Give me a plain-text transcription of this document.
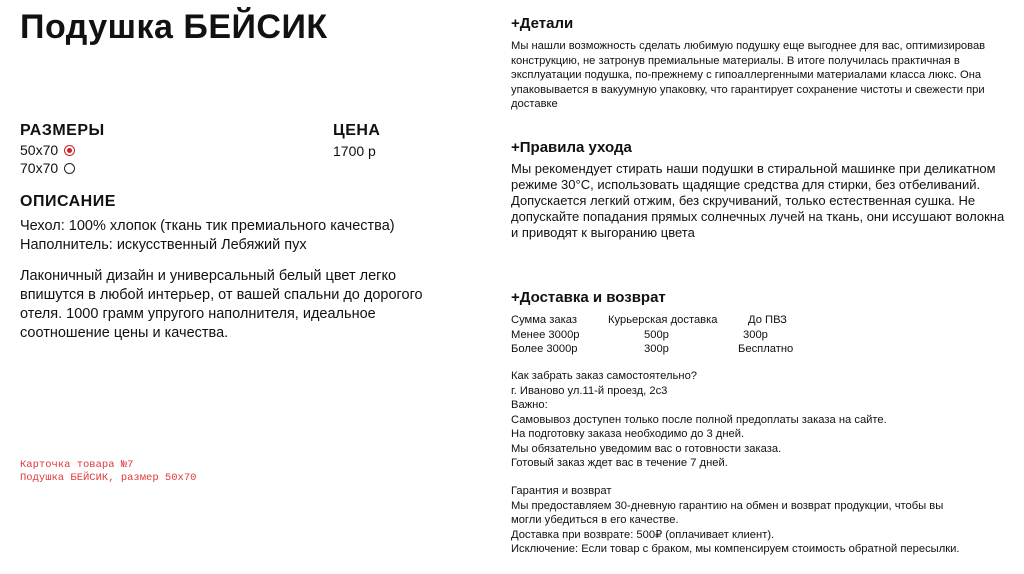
Подушка БЕЙСИК
РАЗМЕРЫ
50х70
70х70
ЦЕНА
1700 р
ОПИСАНИЕ
Чехол: 100% хлопок (ткань тик премиального качества)
Наполнитель: искусственный Лебяжий пух
Лаконичный дизайн и универсальный белый цвет легко впишутся в любой интерьер, от вашей спальни до дорогого отеля. 1000 грамм упругого наполнителя, идеальное соотношение цены и качества.
Карточка товара №7
Подушка БЕЙСИК, размер 50х70
+Детали
Мы нашли возможность сделать любимую подушку еще выгоднее для вас, оптимизировав конструкцию, не затронув премиальные материалы. В итоге получилась практичная в эксплуатации подушка, по-прежнему с гипоаллергенными материалами класса люкс. Она упаковывается в вакуумную упаковку, что гарантирует сохранение чистоты и свежести при доставке
+Правила ухода
Мы рекомендует стирать наши подушки в стиральной машинке при деликатном режиме 30°С, использовать щадящие средства для стирки, без отбеливаний. Допускается легкий отжим, без скручиваний, только естественная сушка. Не допускайте попадания прямых солнечных лучей на ткань, они иссушают волокна и приводят к выгоранию цвета
+Доставка и возврат
Сумма заказ	Курьерская доставка	До ПВЗ
Менее 3000р	500р	300р
Более 3000р	300р	Бесплатно
Как забрать заказ самостоятельно?
г. Иваново ул.11-й проезд, 2с3
Важно:
Самовывоз доступен только после полной предоплаты заказа на сайте.
На подготовку заказа необходимо до 3 дней.
Мы обязательно уведомим вас о готовности заказа.
Готовый заказ ждет вас в течение 7 дней.
Гарантия и возврат
Мы предоставляем 30-дневную гарантию на обмен и возврат продукции, чтобы вы
могли убедиться в его качестве.
Доставка при возврате: 500₽ (оплачивает клиент).
Исключение: Если товар с браком, мы компенсируем стоимость обратной пересылки.
